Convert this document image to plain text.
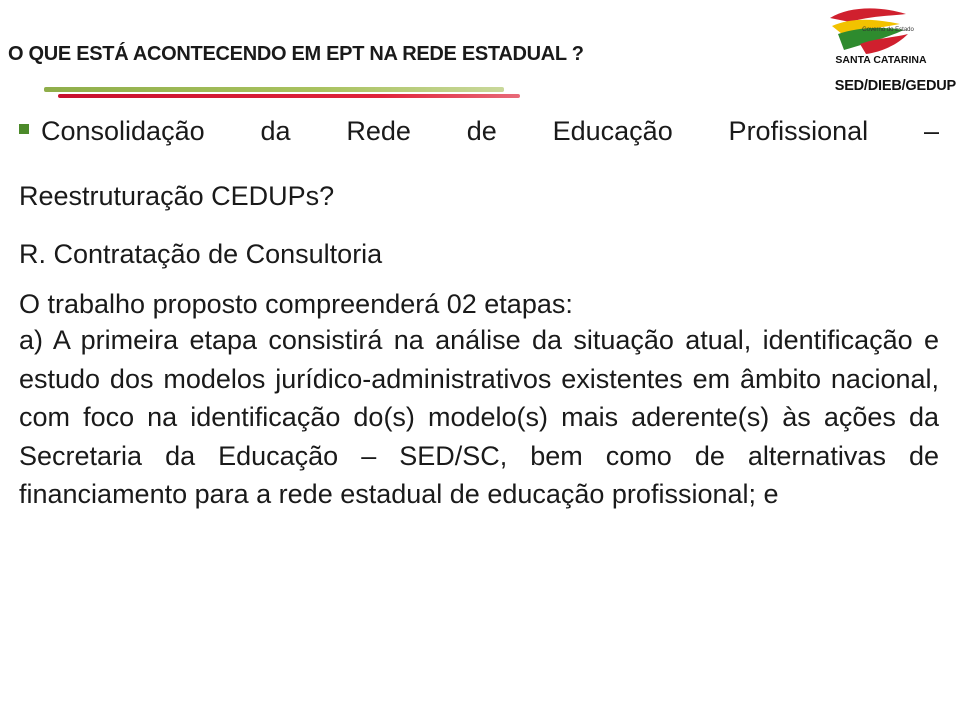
O QUE ESTÁ ACONTECENDO EM EPT NA REDE ESTADUAL ?
Governo do Estado
SANTA CATARINA
SED/DIEB/GEDUP
Consolidação da Rede de Educação Profissional –
Reestruturação CEDUPs?
R. Contratação de Consultoria
O trabalho proposto compreenderá 02 etapas:
a) A primeira etapa consistirá na análise da situação atual, identificação e estudo dos modelos jurídico-administrativos existentes em âmbito nacional, com foco na identificação do(s) modelo(s) mais aderente(s) às ações da Secretaria da Educação – SED/SC, bem como de alternativas de financiamento para a rede estadual de educação profissional; e
